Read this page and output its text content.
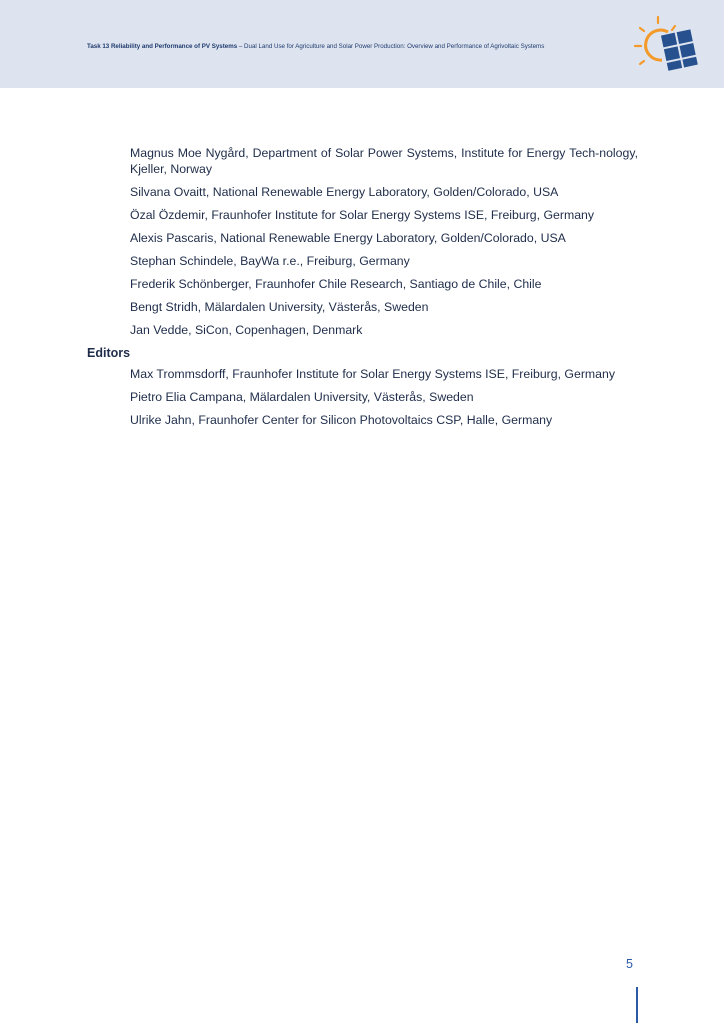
Task 13 Reliability and Performance of PV Systems – Dual Land Use for Agriculture and Solar Power Production: Overview and Performance of Agrivoltaic Systems
Magnus Moe Nygård, Department of Solar Power Systems, Institute for Energy Tech-nology, Kjeller, Norway
Silvana Ovaitt, National Renewable Energy Laboratory, Golden/Colorado, USA
Özal Özdemir, Fraunhofer Institute for Solar Energy Systems ISE, Freiburg, Germany
Alexis Pascaris, National Renewable Energy Laboratory, Golden/Colorado, USA
Stephan Schindele, BayWa r.e., Freiburg, Germany
Frederik Schönberger, Fraunhofer Chile Research, Santiago de Chile, Chile
Bengt Stridh, Mälardalen University, Västerås, Sweden
Jan Vedde, SiCon, Copenhagen, Denmark
Editors
Max Trommsdorff, Fraunhofer Institute for Solar Energy Systems ISE, Freiburg, Germany
Pietro Elia Campana, Mälardalen University, Västerås, Sweden
Ulrike Jahn, Fraunhofer Center for Silicon Photovoltaics CSP, Halle, Germany
5
